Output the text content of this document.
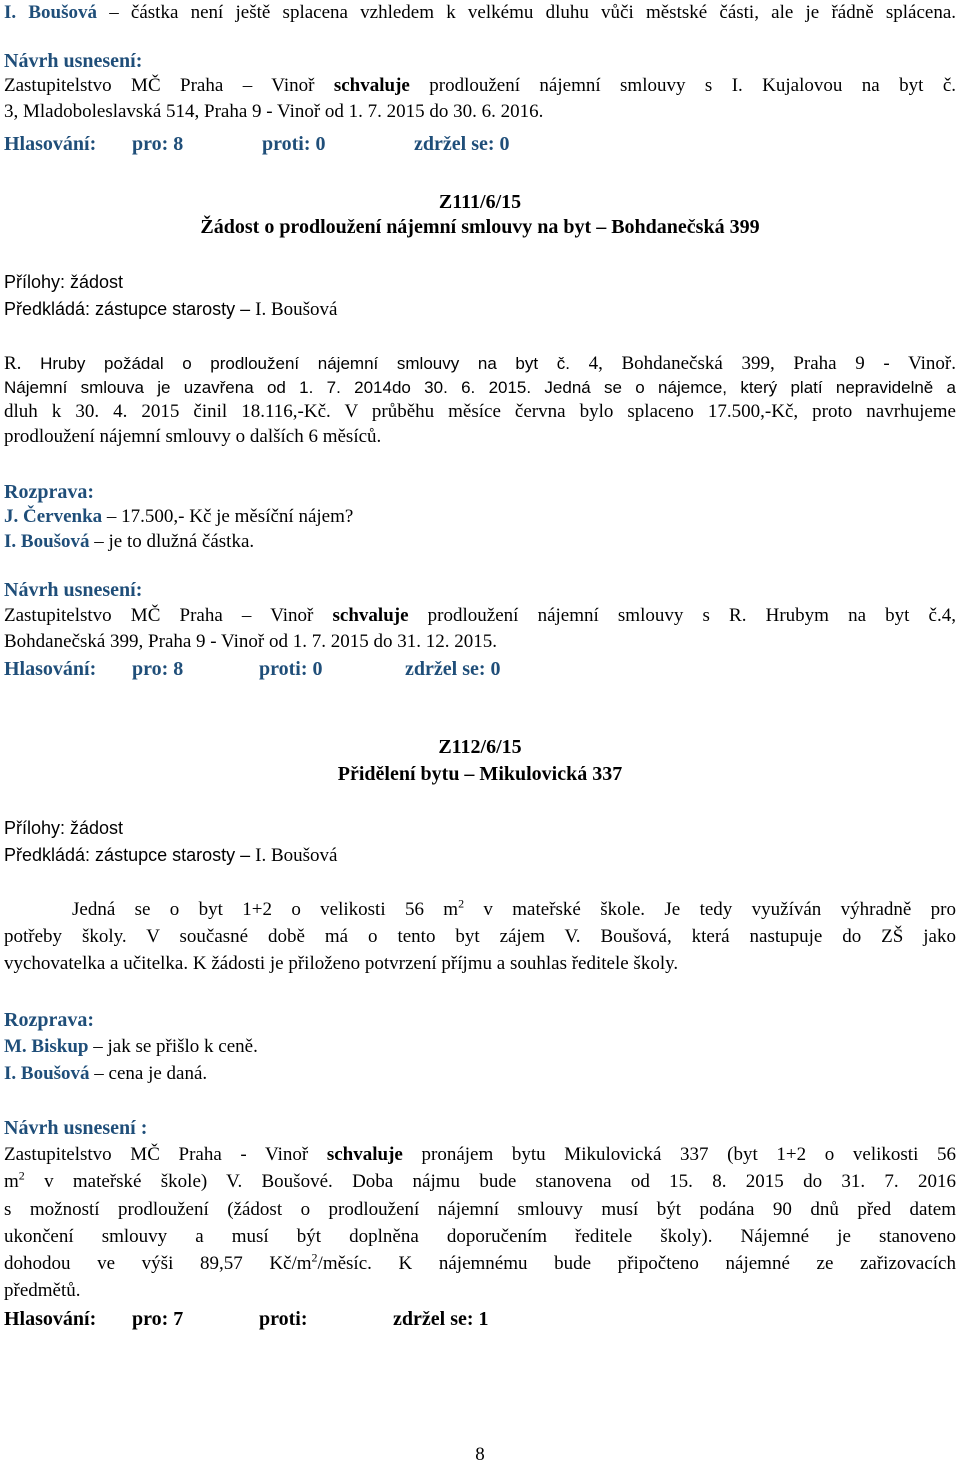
I. Boušová – částka není ještě splacena vzhledem k velkému dluhu vůči městské části, ale je řádně splácena.
Návrh usnesení:
Zastupitelstvo MČ Praha – Vinoř schvaluje prodloužení nájemní smlouvy s I. Kujalovou na byt č.
3, Mladoboleslavská 514, Praha 9 - Vinoř od 1. 7. 2015 do 30. 6. 2016.
Hlasování: pro: 8	proti: 0	zdržel se: 0
Z111/6/15
Žádost o prodloužení nájemní smlouvy na byt – Bohdanečská 399
Přílohy: žádost
Předkládá: zástupce starosty – I. Boušová
R. Hruby požádal o prodloužení nájemní smlouvy na byt č. 4, Bohdanečská 399, Praha 9 - Vinoř.
Nájemní smlouva je uzavřena od 1. 7. 2014do 30. 6. 2015. Jedná se o nájemce, který platí nepravidelně a
dluh k 30. 4. 2015 činil 18.116,-Kč. V průběhu měsíce června bylo splaceno 17.500,-Kč, proto navrhujeme
prodloužení nájemní smlouvy o dalších 6 měsíců.
Rozprava:
J. Červenka – 17.500,- Kč je měsíční nájem?
I. Boušová – je to dlužná částka.
Návrh usnesení:
Zastupitelstvo MČ Praha – Vinoř schvaluje prodloužení nájemní smlouvy s R. Hrubym na byt č.4,
Bohdanečská 399, Praha 9 - Vinoř od 1. 7. 2015 do 31. 12. 2015.
Hlasování: pro: 8	proti: 0	zdržel se: 0
Z112/6/15
Přidělení bytu – Mikulovická 337
Přílohy: žádost
Předkládá: zástupce starosty – I. Boušová
Jedná se o byt 1+2 o velikosti 56 $m^2$ v mateřské škole. Je tedy využíván výhradně pro
potřeby školy. V současné době má o tento byt zájem V. Boušová, která nastupuje do ZŠ jako
vychovatelka a učitelka. K žádosti je přiloženo potvrzení příjmu a souhlas ředitele školy.
Rozprava:
M. Biskup – jak se přišlo k ceně.
I. Boušová – cena je daná.
Návrh usnesení :
Zastupitelstvo MČ Praha - Vinoř schvaluje pronájem bytu Mikulovická 337 (byt 1+2 o velikosti 56
$m^2$ v mateřské škole) V. Boušové. Doba nájmu bude stanovena od 15. 8. 2015 do 31. 7. 2016
s možností prodloužení (žádost o prodloužení nájemní smlouvy musí být podána 90 dnů před datem
ukončení smlouvy a musí být doplněna doporučením ředitele školy). Nájemné je stanoveno
dohodou ve výši 89,57 $Kč/m^2$/měsíc. K nájemnému bude připočteno nájemné ze zařizovacích
předmětů.
Hlasování: pro: 7	proti:	zdržel se: 1
8
